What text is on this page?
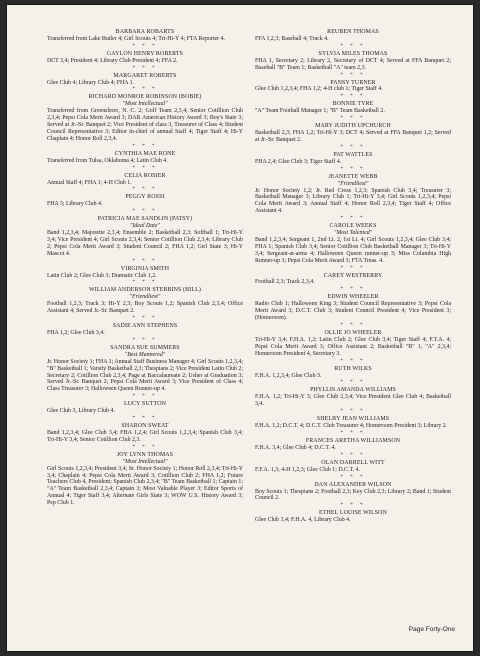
BARBARA ROBARTS
Transferred from Lake Butler 4; Girl Scouts 4; Tri-Hi-Y 4; FTA Reporter 4.
* * *
GAYLON HENRY ROBERTS
DCT 3,4; President 4; Library Club President 4; FFA 2.
* * *
MARGARET ROBERTS
Glee Club 4; Library Club 4; FHA 1.
* * *
RICHARD MONROE ROBINSON (BOBIE)
"Most Intellectual"
Transferred from Greensboro, N. C. 2; Golf Team 2,3,4; Senior Cotillion Club 2,3,4; Pepsi Cola Merit Award 3; DAR American History Award 3; Boy's State 3; Served at Jr.-Sr. Banquet 2; Vice President of class 3, Treasurer of Class 4; Student Council Representative 3; Editor in-chief of annual Staff 4; Tiger Staff 4; Hi-Y Chaplain 4; Honor Roll 2,3,4.
* * *
CYNTHIA MAE RONE
Transferred from Tulsa, Oklahoma 4; Latin Club 4.
* * *
CELIA ROSIER
Annual Staff 4; FHA 1; 4-H Club 1.
* * *
PEGGY ROSSI
FHA 3; Library Club 4.
* * *
PATRICIA MAE SANDLIN (PATSY)
"Ideal Date"
Band 1,2,3,4; Majorette 2,3,4; Ensemble 2; Basketball 2,3; Softball 1; Tri-Hi-Y 3,4; Vice President 4; Girl Scouts 2,3,4; Senior Cotillion Club 2,3,4; Library Club 2; Pepsi Cola Merit Award 3; Student Council 2; FHA 1,2; Girl State 3; Hi-Y Mascot 4.
* * *
VIRGINIA SMITH
Latin Club 2; Glee Club 3; Dramatic Club 1,2.
* * *
WILLIAM ANDERSON STEBBINS (BILL)
"Friendliest"
Football 1,2,3; Track 3; Hi-Y 2,3; Boy Scouts 1,2; Spanish Club 2,3,4; Office Assistant 4; Served Jr.-Sr. Banquet 2.
* * *
SADIE ANN STEPHENS
FHA 1,2; Glee Club 3,4.
* * *
SANDRA SUE SUMMERS
"Best Mannered"
Jr. Honor Society 1; FHA 1; Annual Staff Business Manager 4; Girl Scouts 1,2,3,4; "B" Basketball 1; Varsity Basketball 2,3; Thespians 2; Vice President Latin Club 2; Secretary 2; Cotillion Club 2,3,4; Page at Baccalaureate 2; Usher at Graduation 3; Served Jr.-Sr. Banquet 2; Pepsi Cola Merit Award 3; Vice President of Class 4; Class Treasurer 3; Halloween Queen Runner-up 4.
* * *
LUCY SUTTON
Glee Club 3, Library Club 4.
* * *
SHARON SWEAT
Band 1,2,3,4; Glee Club 3,4; FHA 1,2,4; Girl Scouts 1,2,3,4; Spanish Club 3,4; Tri-Hi-Y 3,4; Senior Cotillion Club 2,3.
* * *
JOY LYNN THOMAS
"Most Intellectual"
Girl Scouts 1,2,3,4; President 3,4; Sr. Honor Society 1; Honor Roll 2,3,4; Tri-Hi-Y 3,4; Chaplain 4; Pepsi Cola Merit Award 3; Cotillion Club 2; FHA 1,2; Future Teachers Club 4, President; Spanish Club 2,3,4; "B" Team Basketball 1; Captain 1; "A" Team Basketball 2,3,4; Captain 3; Most Valuable Player 3; Editor Sports of Annual 4; Tiger Staff 3,4; Alternate Girls State 3; WOW U.S. History Award 3; Pep Club 1.
REUBEN THOMAS
FFA 1,2,3; Baseball 4; Track 4.
* * *
SYLVIA MILES THOMAS
FHA 1, Secretary 2; Library 2, Secretary of DCT 4; Served at FFA Banquet 2; Baseball "B" Team 1; Basketball "A" team 2,3.
* * *
PANSY TURNER
Glee Club 1,2,3,4; FHA 1,2; 4-H club 1; Tiger Staff 4.
* * *
BONNIE TYRE
"A" Team Football Manager 1; "B" Team Basketball 2.
* * *
MARY JUDITH UPCHURCH
Basketball 2,3; FHA 1,2; Tri-Hi-Y 3; DCT 4; Served at FFA Banquet 1,2; Served at Jr.-Sr. Banquet 2.
* * *
PAT WATTLES
FHA 2,4; Glee Club 3; Tiger Staff 4.
* * *
JEANETTE WEBB
"Friendliest"
Jr. Honor Society 1,2; Jr. Red Cross 1,2,3; Spanish Club 3,4; Treasurer 3; Basketball Manager 3; Library Club 1; Tri-Hi-Y 3,4; Girl Scouts 1,2,3,4; Pepsi Cola Merit Award 3; Annual Staff 4; Honor Roll 2,3,4; Tiger Staff 4; Office Assistant 4.
* * *
CAROLE WEEKS
"Most Talented"
Band 1,2,3,4; Sergeant 1, 2nd Lt. 2, 1st Lt. 4; Girl Scouts 1,2,3,4; Glee Club 3,4; FHA 1; Spanish Club 3,4; Senior Cotillion Club Basketball Manager 3; Tri-Hi-Y 3,4; Sergeant-at-arms 4; Halloween Queen runner-up 3; Miss Columbia High Runner-up 3; Pepsi Cola Merit Award 3; FTA Treas. 4.
* * *
CAREY WESTBERRY
Football 2,3; Track 2,3,4.
* * *
EDWIN WHEELER
Radio Club 1; Halloween King 3; Student Council Representative 3; Pepsi Cola Merit Award 3; D.C.T. Club 3; Student Council President 4; Vice President 3; (Homeroom).
* * *
OLLIE JO WHEELER
Tri-Hi-Y 3,4; F.H.A. 1,2; Latin Club 2; Glee Club 3,4; Tiger Staff 4; F.T.A. 4; Pepsi Cola Merit Award 3; Office Assistant 2; Basketball "B" 1, "A" 2,3,4; Homeroom President 4, Secretary 3.
* * *
RUTH WILKS
F.H.A. 1,2,3,4; Glee Club 3.
* * *
PHYLLIS AMANDA WILLIAMS
F.H.A. 1,2; Tri-Hi-Y 3; Glee Club 2,3,4; Vice President Glee Club 4; Basketball 3,4.
* * *
SHELBY JEAN WILLIAMS
F.H.A. 1,2; D.C.T. 4; D.C.T. Club Treasurer 4; Homeroom President 3; Library 2.
* * *
FRANCES ARETHA WILLIAMSON
F.H.A. 3,4; Glee Club 4; D.C.T. 4.
* * *
OLAN DARRELL WITT
F.F.A. 1,3; 4-H 1,2,3; Glee Club 1; D.C.T. 4.
* * *
DAN ALEXANDER WILSON
Boy Scouts 1; Thespians 2; Football 2,3; Key Club 2,3; Library 2; Band 1; Student Council 2.
* * *
ETHEL LOUISE WILSON
Glee Club 3,4; F.H.A. 4, Library Club 4.
Page Forty-One
